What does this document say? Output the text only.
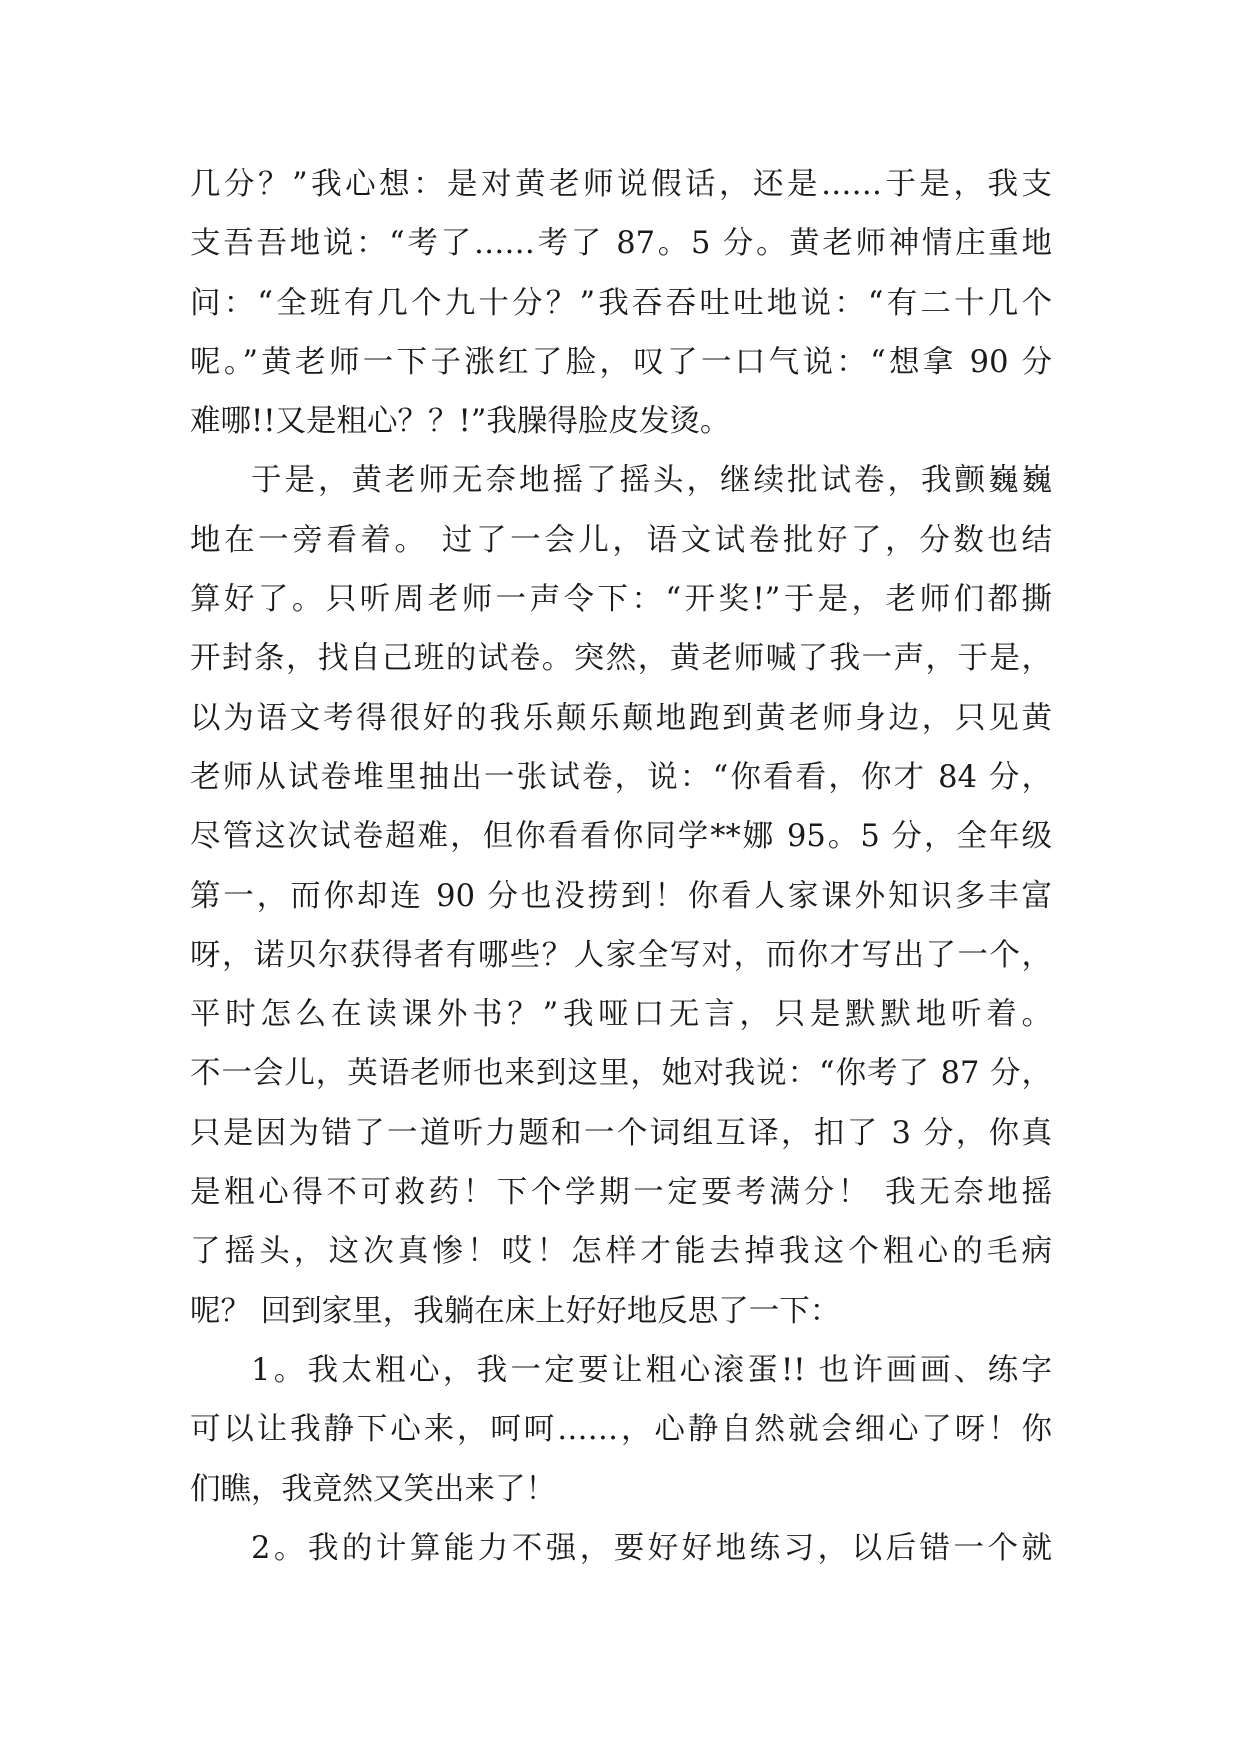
几分？”我心想：是对黄老师说假话，还是……于是，我支
支吾吾地说：“考了……考了 87。5 分。黄老师神情庄重地
问：“全班有几个九十分？”我吞吞吐吐地说：“有二十几个
呢。”黄老师一下子涨红了脸，叹了一口气说：“想拿 90 分
难哪!!又是粗心？？!”我臊得脸皮发烫。
于是，黄老师无奈地摇了摇头，继续批试卷，我颤巍巍
地在一旁看着。 过了一会儿，语文试卷批好了，分数也结
算好了。只听周老师一声令下：“开奖!”于是，老师们都撕
开封条，找自己班的试卷。突然，黄老师喊了我一声，于是，
以为语文考得很好的我乐颠乐颠地跑到黄老师身边，只见黄
老师从试卷堆里抽出一张试卷，说：“你看看，你才 84 分，
尽管这次试卷超难，但你看看你同学**娜 95。5 分，全年级
第一，而你却连 90 分也没捞到！你看人家课外知识多丰富
呀，诺贝尔获得者有哪些？人家全写对，而你才写出了一个，
平时怎么在读课外书？”我哑口无言，只是默默地听着。
不一会儿，英语老师也来到这里，她对我说：“你考了 87 分，
只是因为错了一道听力题和一个词组互译，扣了 3 分，你真
是粗心得不可救药！下个学期一定要考满分！ 我无奈地摇
了摇头，这次真惨！哎！怎样才能去掉我这个粗心的毛病
呢？ 回到家里，我躺在床上好好地反思了一下：
1。我太粗心，我一定要让粗心滚蛋!! 也许画画、练字
可以让我静下心来，呵呵……，心静自然就会细心了呀！你
们瞧，我竟然又笑出来了！
2。我的计算能力不强，要好好地练习，以后错一个就
